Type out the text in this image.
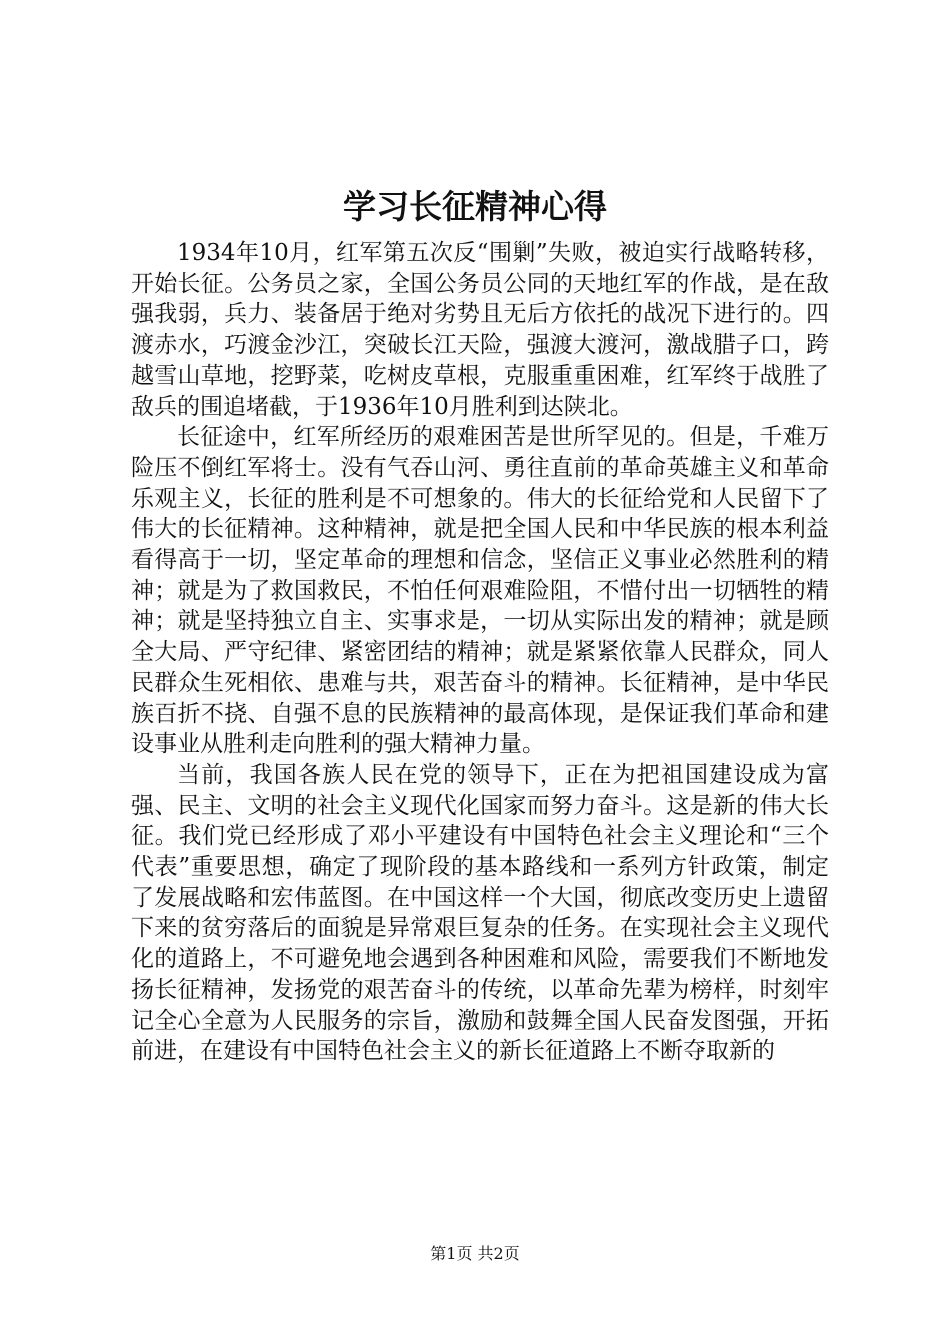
学习长征精神心得

1934年10月，红军第五次反“围剿”失败，被迫实行战略转移，开始长征。公务员之家，全国公务员公同的天地红军的作战，是在敌强我弱，兵力、装备居于绝对劣势且无后方依托的战况下进行的。四渡赤水，巧渡金沙江，突破长江天险，强渡大渡河，激战腊子口，跨越雪山草地，挖野菜，吃树皮草根，克服重重困难，红军终于战胜了敌兵的围追堵截，于1936年10月胜利到达陕北。

长征途中，红军所经历的艰难困苦是世所罕见的。但是，千难万险压不倒红军将士。没有气吞山河、勇往直前的革命英雄主义和革命乐观主义，长征的胜利是不可想象的。伟大的长征给党和人民留下了伟大的长征精神。这种精神，就是把全国人民和中华民族的根本利益看得高于一切，坚定革命的理想和信念，坚信正义事业必然胜利的精神；就是为了救国救民，不怕任何艰难险阻，不惜付出一切牺牲的精神；就是坚持独立自主、实事求是，一切从实际出发的精神；就是顾全大局、严守纪律、紧密团结的精神；就是紧紧依靠人民群众，同人民群众生死相依、患难与共，艰苦奋斗的精神。长征精神，是中华民族百折不挠、自强不息的民族精神的最高体现，是保证我们革命和建设事业从胜利走向胜利的强大精神力量。

当前，我国各族人民在党的领导下，正在为把祖国建设成为富强、民主、文明的社会主义现代化国家而努力奋斗。这是新的伟大长征。我们党已经形成了邓小平建设有中国特色社会主义理论和“三个代表”重要思想，确定了现阶段的基本路线和一系列方针政策，制定了发展战略和宏伟蓝图。在中国这样一个大国，彻底改变历史上遗留下来的贫穷落后的面貌是异常艰巨复杂的任务。在实现社会主义现代化的道路上，不可避免地会遇到各种困难和风险，需要我们不断地发扬长征精神，发扬党的艰苦奋斗的传统，以革命先辈为榜样，时刻牢记全心全意为人民服务的宗旨，激励和鼓舞全国人民奋发图强，开拓前进，在建设有中国特色社会主义的新长征道路上不断夺取新的

第1页 共2页
